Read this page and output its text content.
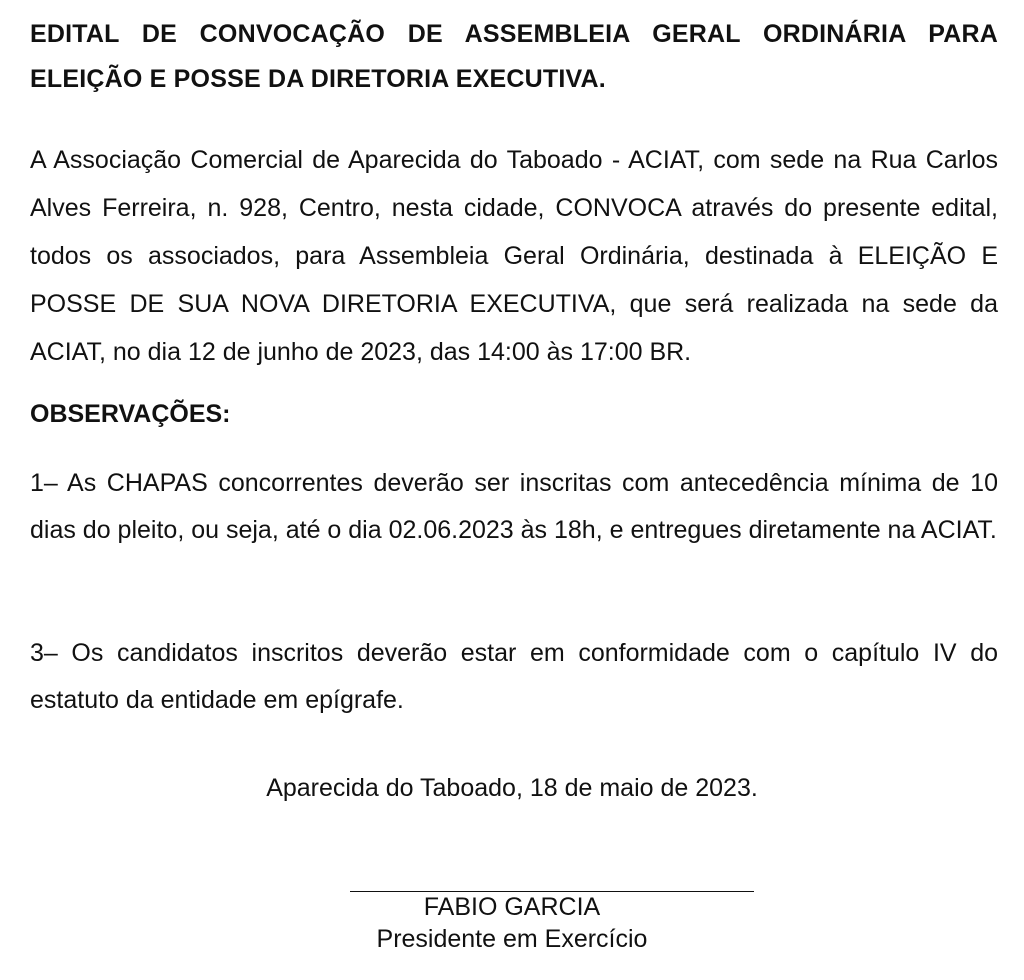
EDITAL DE CONVOCAÇÃO DE ASSEMBLEIA GERAL ORDINÁRIA PARA ELEIÇÃO E POSSE DA DIRETORIA EXECUTIVA.
A Associação Comercial de Aparecida do Taboado - ACIAT, com sede na Rua Carlos Alves Ferreira, n. 928, Centro, nesta cidade, CONVOCA através do presente edital, todos os associados, para Assembleia Geral Ordinária, destinada à ELEIÇÃO E POSSE DE SUA NOVA DIRETORIA EXECUTIVA, que será realizada na sede da ACIAT, no dia 12 de junho de 2023, das 14:00 às 17:00 BR.
OBSERVAÇÕES:
1– As CHAPAS concorrentes deverão ser inscritas com antecedência mínima de 10 dias do pleito, ou seja, até o dia 02.06.2023 às 18h, e entregues diretamente na ACIAT.
3– Os candidatos inscritos deverão estar em conformidade com o capítulo IV do estatuto da entidade em epígrafe.
Aparecida do Taboado, 18 de maio de 2023.
FABIO GARCIA
Presidente em Exercício
